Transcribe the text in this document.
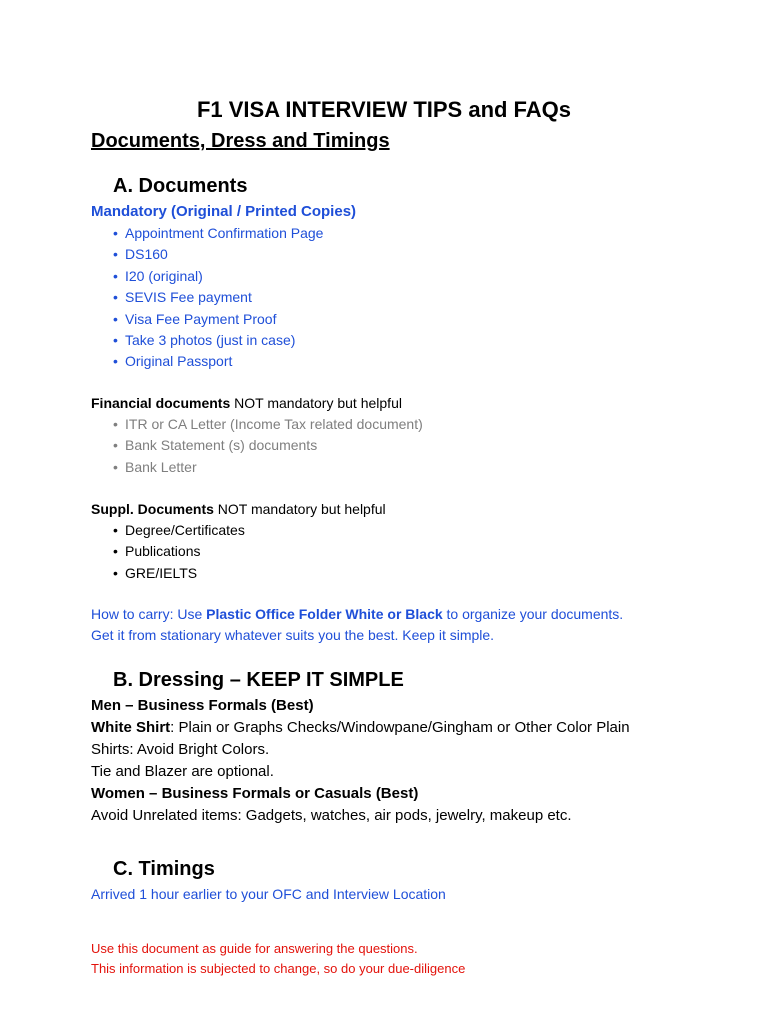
F1 VISA INTERVIEW TIPS and FAQs
Documents, Dress and Timings
A. Documents
Mandatory (Original / Printed Copies)
• Appointment Confirmation Page
• DS160
• I20 (original)
• SEVIS Fee payment
• Visa Fee Payment Proof
• Take 3 photos (just in case)
• Original Passport
Financial documents NOT mandatory but helpful
• ITR or CA Letter (Income Tax related document)
• Bank Statement (s) documents
• Bank Letter
Suppl. Documents NOT mandatory but helpful
• Degree/Certificates
• Publications
• GRE/IELTS
How to carry: Use Plastic Office Folder White or Black to organize your documents.
Get it from stationary whatever suits you the best. Keep it simple.
B. Dressing – KEEP IT SIMPLE
Men – Business Formals (Best)
White Shirt: Plain or Graphs Checks/Windowpane/Gingham or Other Color Plain
Shirts: Avoid Bright Colors.
Tie and Blazer are optional.
Women – Business Formals or Casuals (Best)
Avoid Unrelated items: Gadgets, watches, air pods, jewelry, makeup etc.
C. Timings
Arrived 1 hour earlier to your OFC and Interview Location
Use this document as guide for answering the questions.
This information is subjected to change, so do your due-diligence
